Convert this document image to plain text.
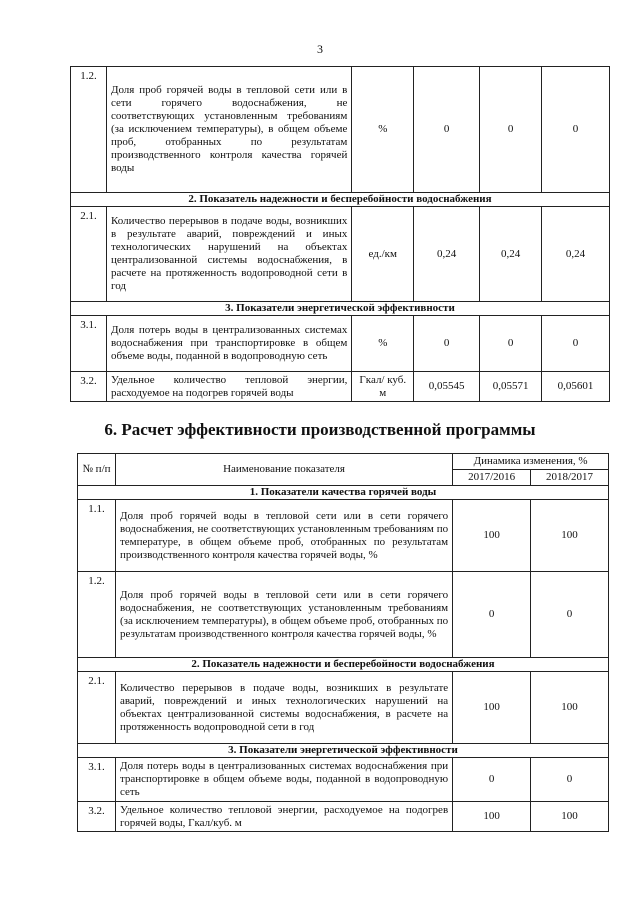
3
1.2.	Доля проб горячей воды в тепловой сети или в сети горячего водоснабжения, не соответствующих установленным требованиям (за исключением температуры), в общем объеме проб, отобранных по результатам производственного контроля качества горячей воды	%	0	0	0
2. Показатель надежности и бесперебойности водоснабжения					
2.1.	Количество перерывов в подаче воды, возникших в результате аварий, повреждений и иных технологических нарушений на объектах централизованной системы водоснабжения, в расчете на протяженность водопроводной сети в год	ед./км	0,24	0,24	0,24
3. Показатели энергетической эффективности					
3.1.	Доля потерь воды в централизованных системах водоснабжения при транспортировке в общем объеме воды, поданной в водопроводную сеть	%	0	0	0
3.2.	Удельное количество тепловой энергии, расходуемое на подогрев горячей воды	Гкал/ куб. м	0,05545	0,05571	0,05601
6. Расчет эффективности производственной программы
№ п/п	Наименование показателя	Динамика изменения, %	
		2017/2016	2018/2017
1. Показатели качества горячей воды			
1.1.	Доля проб горячей воды в тепловой сети или в сети горячего водоснабжения, не соответствующих установленным требованиям по температуре, в общем объеме проб, отобранных по результатам производственного контроля качества горячей воды, %	100	100
1.2.	Доля проб горячей воды в тепловой сети или в сети горячего водоснабжения, не соответствующих установленным требованиям (за исключением температуры), в общем объеме проб, отобранных по результатам производственного контроля качества горячей воды, %	0	0
2. Показатель надежности и бесперебойности водоснабжения			
2.1.	Количество перерывов в подаче воды, возникших в результате аварий, повреждений и иных технологических нарушений на объектах централизованной системы водоснабжения, в расчете на протяженность водопроводной сети в год	100	100
3. Показатели энергетической эффективности			
3.1.	Доля потерь воды в централизованных системах водоснабжения при транспортировке в общем объеме воды, поданной в водопроводную сеть	0	0
3.2.	Удельное количество тепловой энергии, расходуемое на подогрев горячей воды, Гкал/куб. м	100	100
